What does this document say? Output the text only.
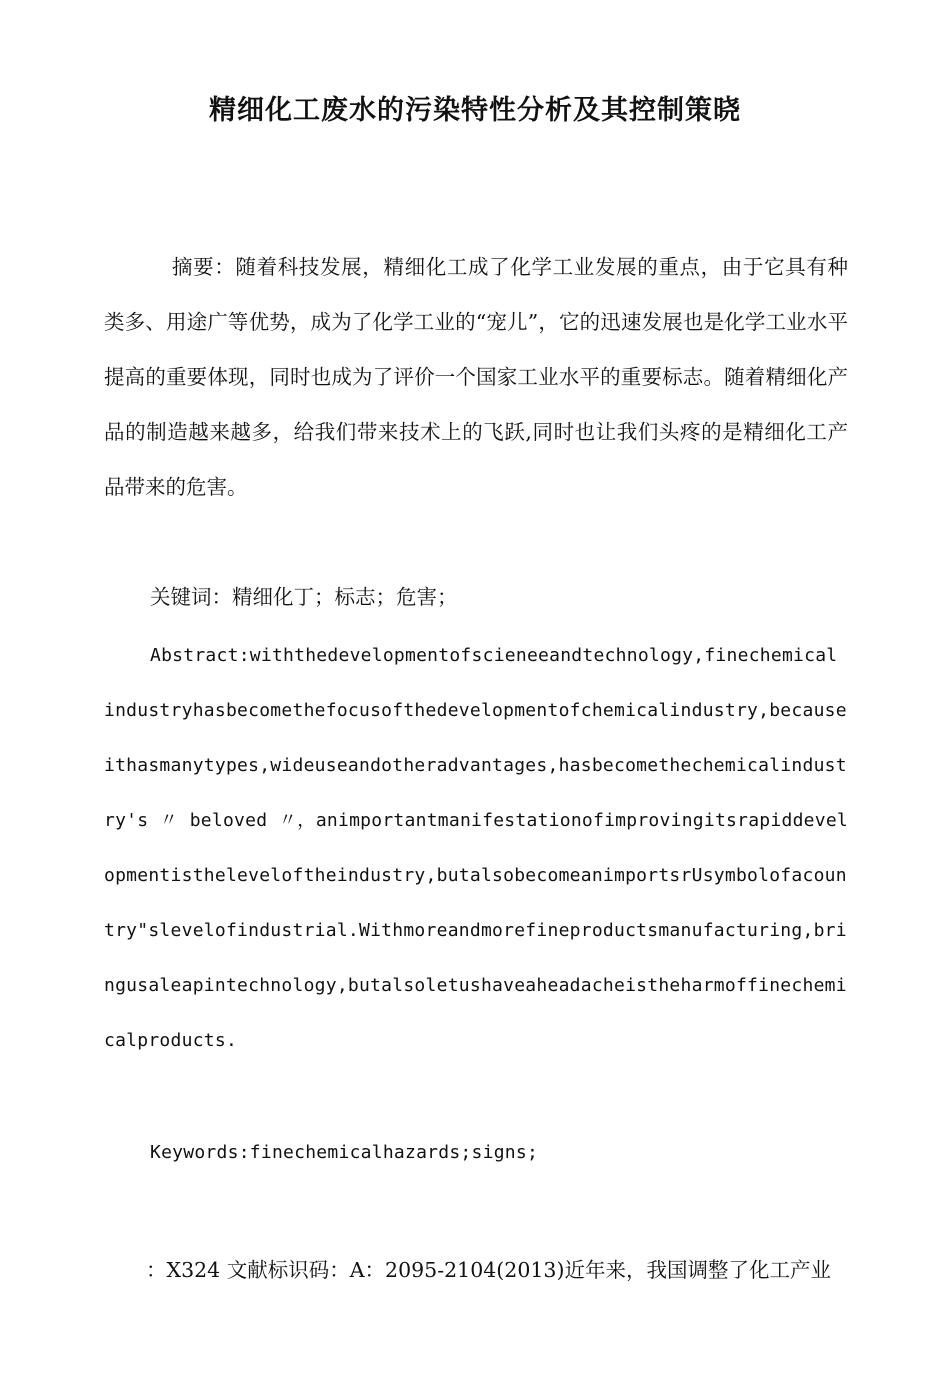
精细化工废水的污染特性分析及其控制策晓
摘要：随着科技发展，精细化工成了化学工业发展的重点，由于它具有种类多、用途广等优势，成为了化学工业的“宠儿”，它的迅速发展也是化学工业水平提高的重要体现，同时也成为了评价一个国家工业水平的重要标志。随着精细化产品的制造越来越多，给我们带来技术上的飞跃,同时也让我们头疼的是精细化工产品带来的危害。
关键词：精细化丁；标志；危害；
Abstract:withthedevelopmentofscieneeandtechnology,finechemicalindustryhasbecomethefocusofthedevelopmentofchemicalindustry,becauseithasmanytypes,wideuseandotheradvantages,hasbecomethechemicalindustry's 〃 beloved 〃，animportantmanifestationofimprovingitsrapiddevelopmentistheleveloftheindustry,butalsobecomeanimportsrUsymbolofacountry"slevelofindustrial.Withmoreandmorefineproductsmanufacturing,bringusaleapintechnology,butalsoletushaveaheadacheistheharmoffinechemicalproducts.
Keywords:finechemicalhazards;signs;
：X324 文献标识码：A：2095-2104(2013)近年来，我国调整了化工产业
